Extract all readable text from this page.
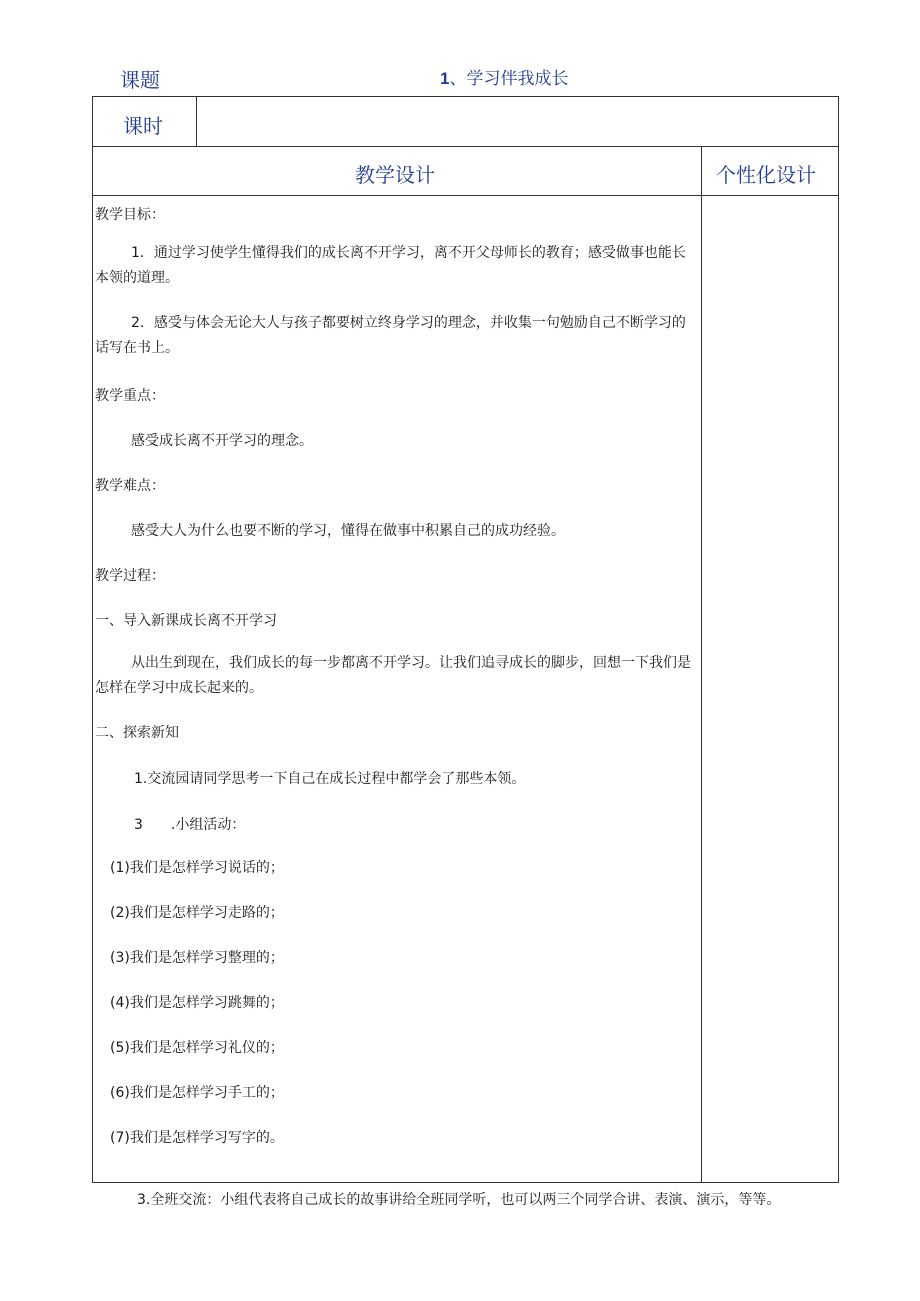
课题	1、学习伴我成长
课时
教学设计	个性化设计
教学目标：
1．通过学习使学生懂得我们的成长离不开学习，离不开父母师长的教育；感受做事也能长本领的道理。
2．感受与体会无论大人与孩子都要树立终身学习的理念，并收集一句勉励自己不断学习的话写在书上。
教学重点：
感受成长离不开学习的理念。
教学难点：
感受大人为什么也要不断的学习，懂得在做事中积累自己的成功经验。
教学过程：
一、导入新课成长离不开学习
从出生到现在，我们成长的每一步都离不开学习。让我们追寻成长的脚步，回想一下我们是怎样在学习中成长起来的。
二、探索新知
1.交流园请同学思考一下自己在成长过程中都学会了那些本领。
3 .小组活动：
(1)我们是怎样学习说话的；
(2)我们是怎样学习走路的；
(3)我们是怎样学习整理的；
(4)我们是怎样学习跳舞的；
(5)我们是怎样学习礼仪的；
(6)我们是怎样学习手工的；
(7)我们是怎样学习写字的。
3.全班交流：小组代表将自己成长的故事讲给全班同学听，也可以两三个同学合讲、表演、演示，等等。
